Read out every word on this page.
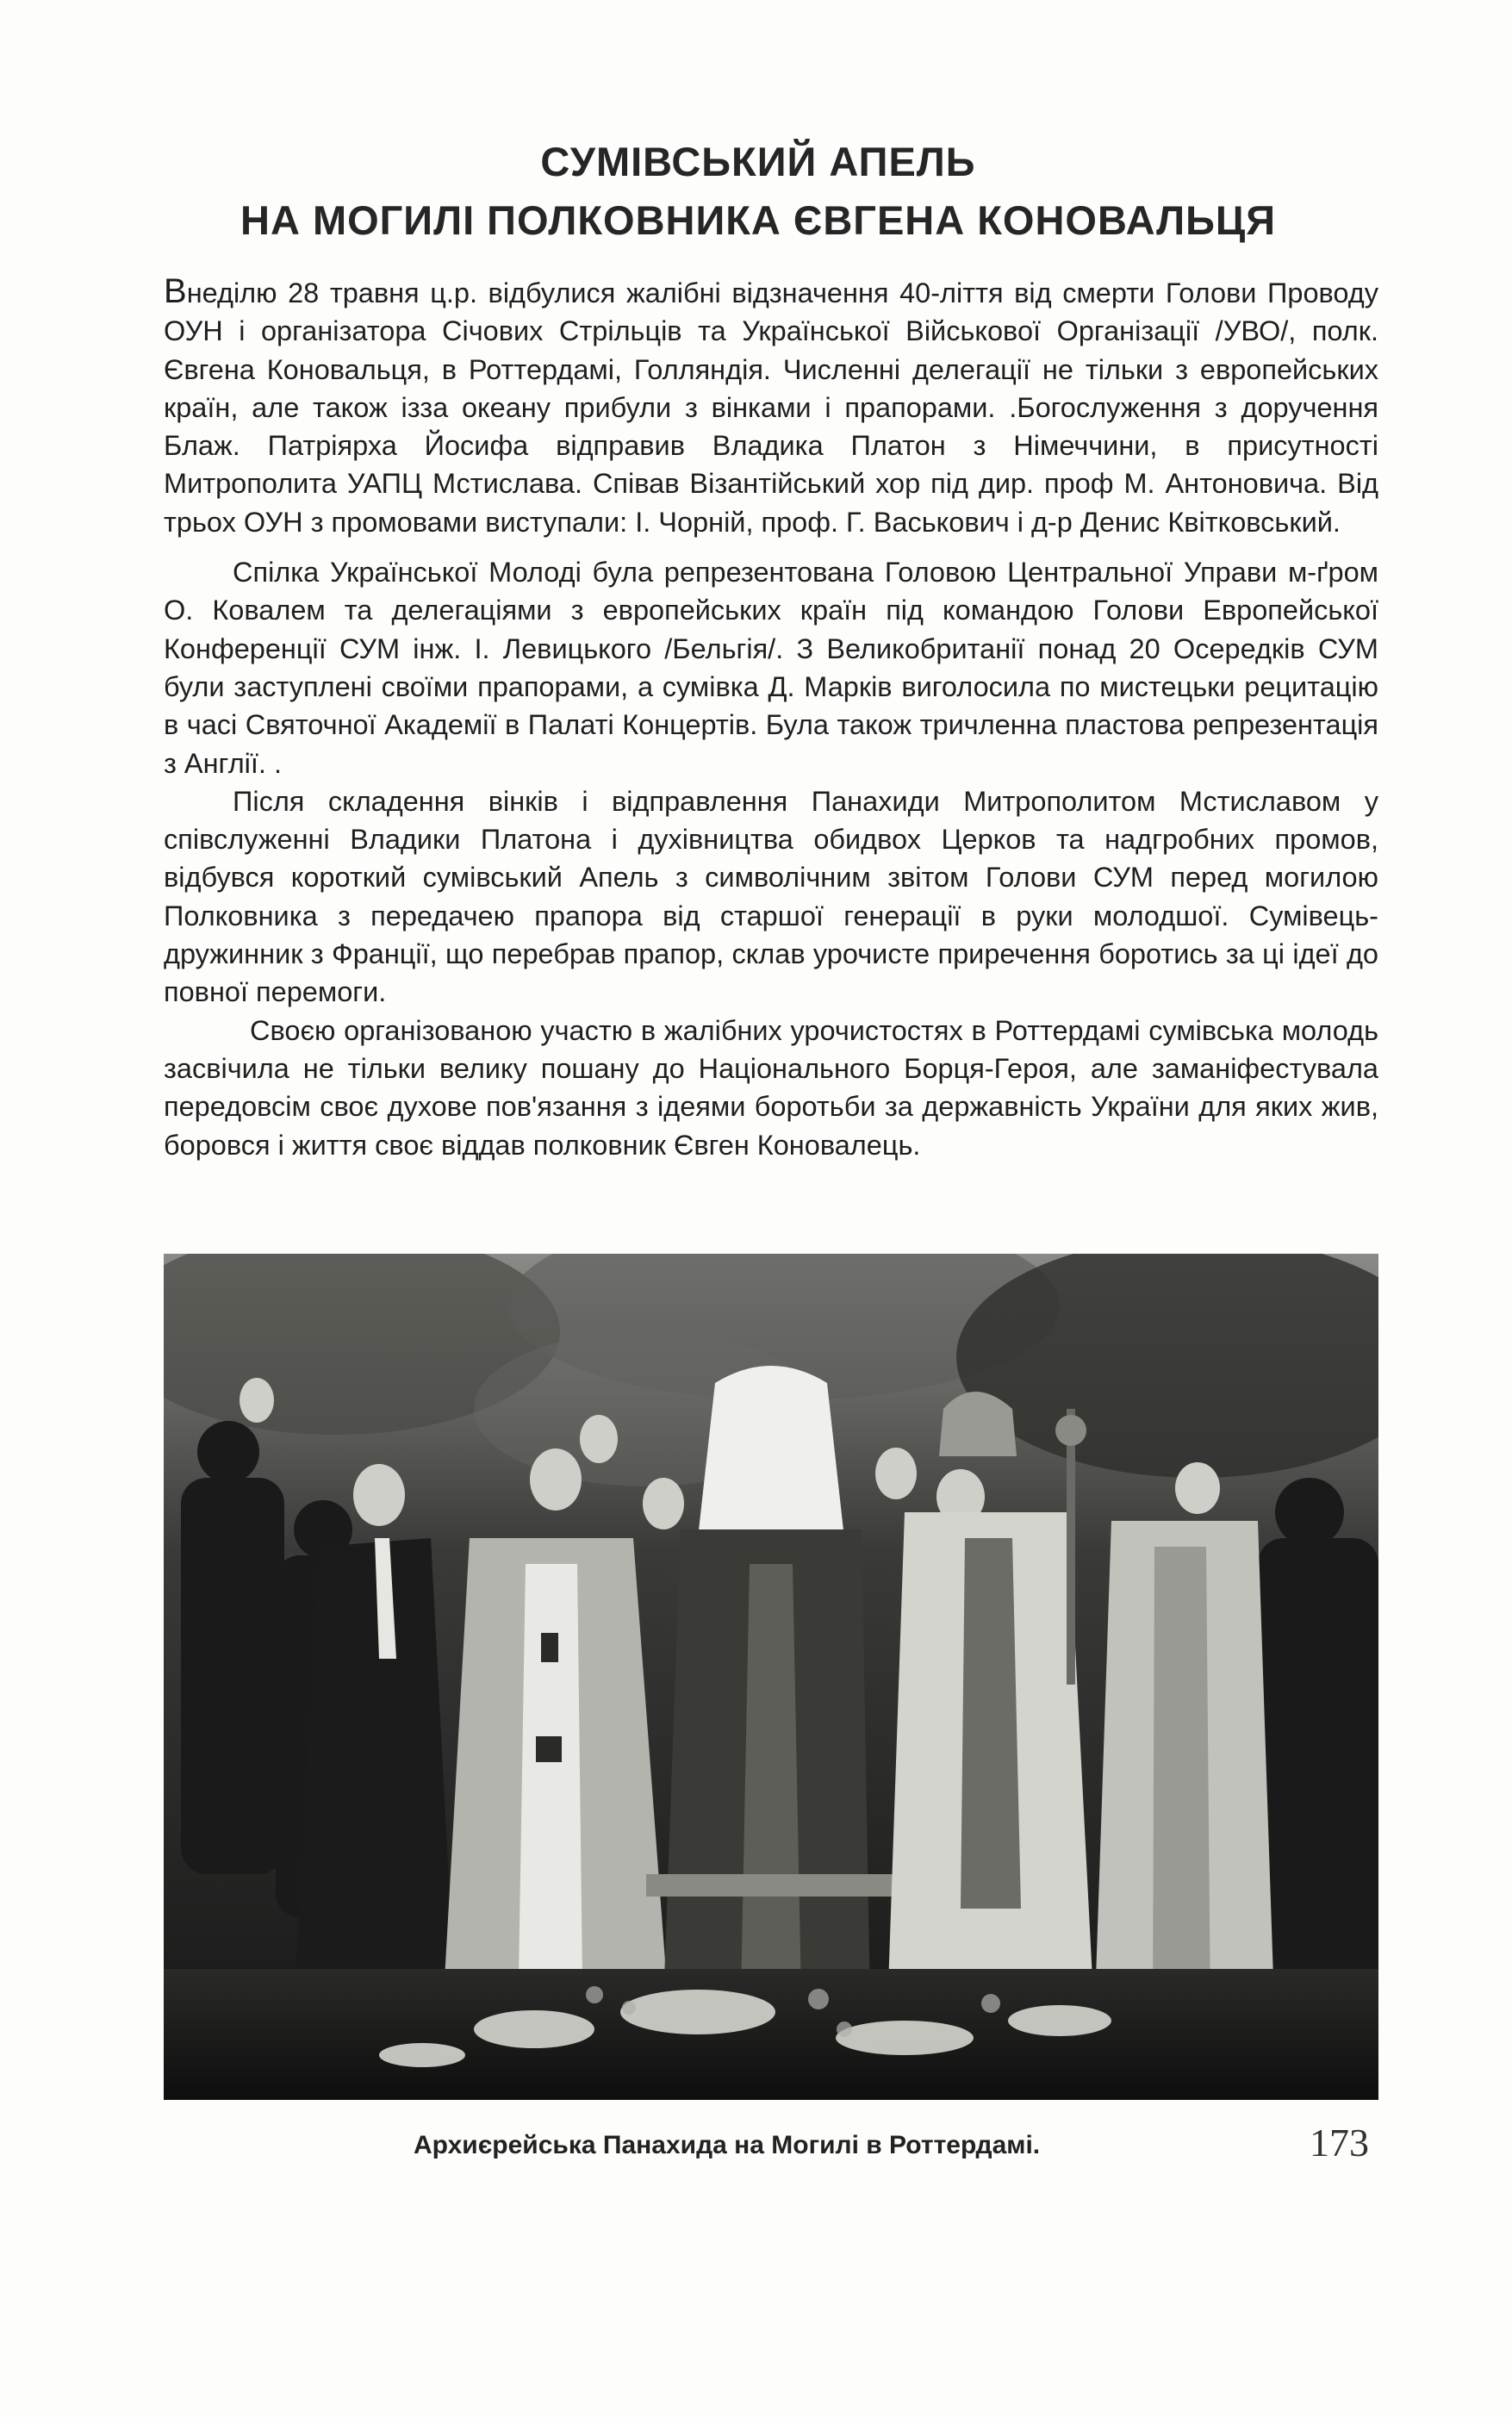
СУМІВСЬКИЙ АПЕЛЬ
НА МОГИЛІ ПОЛКОВНИКА ЄВГЕНА КОНОВАЛЬЦЯ

Внеділю 28 травня ц.р. відбулися жалібні відзначення 40-ліття від смерти Голови Проводу ОУН і організатора Січових Стрільців та Української Військової Організації /УВО/, полк. Євгена Коновальця, в Роттердамі, Голляндія. Численні делегації не тільки з европейських країн, але також ізза океану прибули з вінками і прапорами. .Богослуження з доручення Блаж. Патріярха Йосифа відправив Владика Платон з Німеччини, в присутності Митрополита УАПЦ Мстислава. Співав Візантійський хор під дир. проф М. Антоновича. Від трьох ОУН з промовами виступали: І. Чорній, проф. Г. Васькович і д-р Денис Квітковський.

Спілка Української Молоді була репрезентована Головою Центральної Управи м-ґром О. Ковалем та делегаціями з европейських країн під командою Голови Европейської Конференції СУМ інж. І. Левицького /Бельгія/. З Великобританії понад 20 Осередків СУМ були заступлені своїми прапорами, а сумівка Д. Марків виголосила по мистецьки рецитацію в часі Святочної Академії в Палаті Концертів. Була також тричленна пластова репрезентація з Англії. .

Після складення вінків і відправлення Панахиди Митрополитом Мстиславом у співслуженні Владики Платона і духівництва обидвох Церков та надгробних промов, відбувся короткий сумівський Апель з символічним звітом Голови СУМ перед могилою Полковника з передачею прапора від старшої генерації в руки молодшої. Сумівець-дружинник з Франції, що перебрав прапор, склав урочисте приречення боротись за ці ідеї до повної перемоги.

Своєю організованою участю в жалібних урочистостях в Роттердамі сумівська молодь засвічила не тільки велику пошану до Національного Борця-Героя, але заманіфестувала передовсім своє духове пов'язання з ідеями боротьби за державність України для яких жив, боровся і життя своє віддав полковник Євген Коновалець.

Архиєрейська Панахида на Могилі в Роттердамі.	173
